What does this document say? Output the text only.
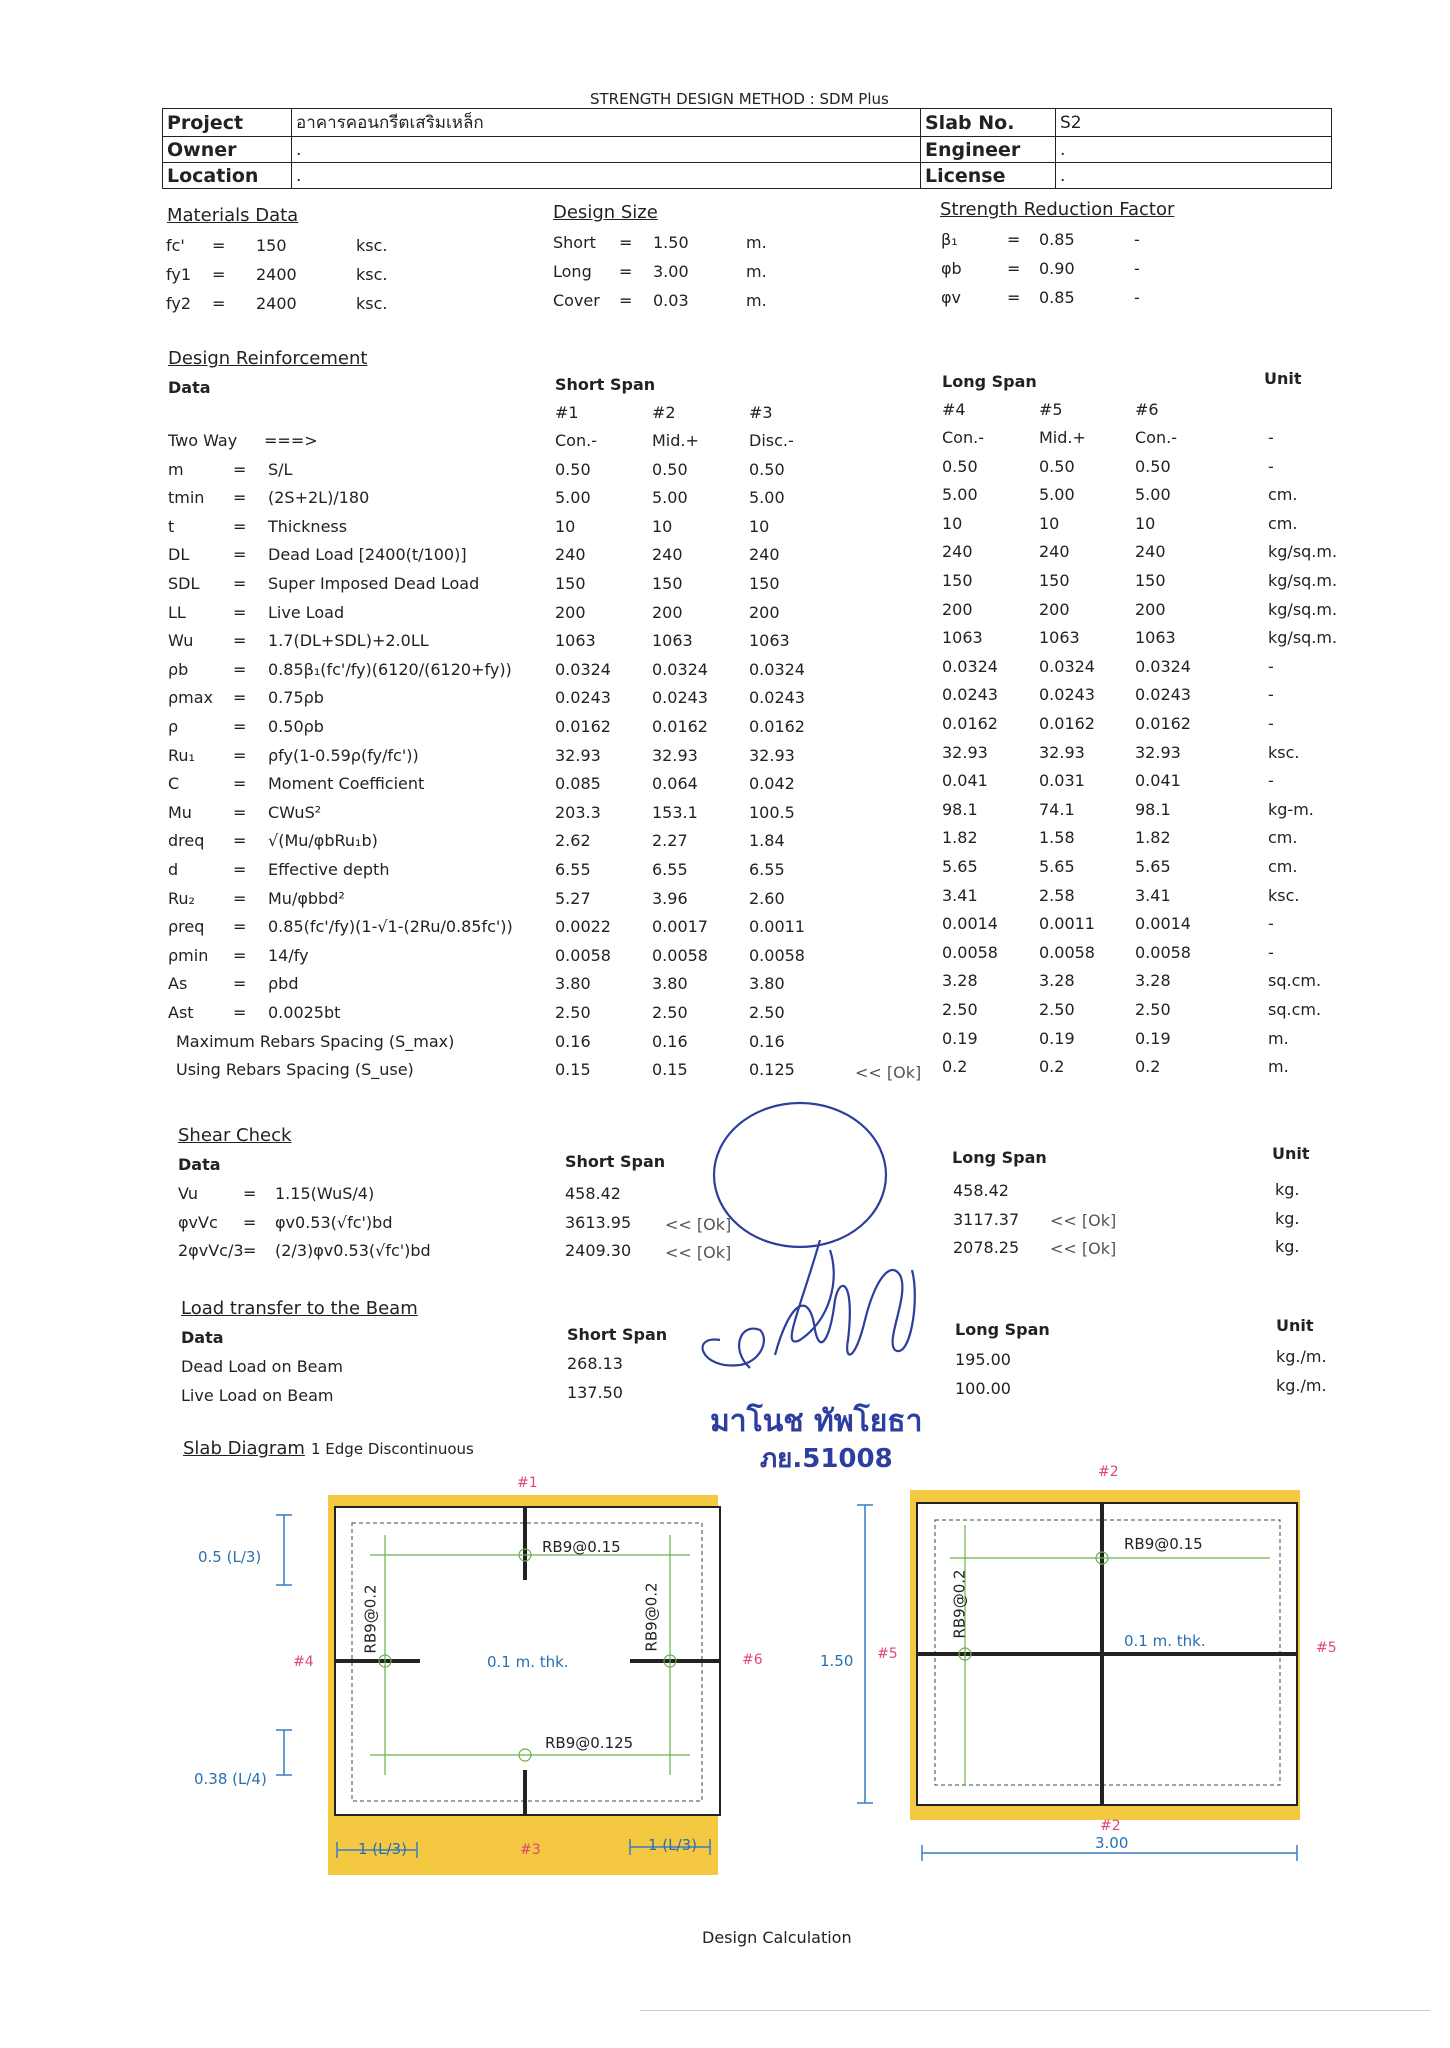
STRENGTH DESIGN METHOD : SDM Plus
Project	อาคารคอนกรีตเสริมเหล็ก	Slab No.	S2
Owner	.	Engineer	.
Location	.	License	.
Materials Data	Design Size	Strength Reduction Factor
fc' = 150	ksc.
fy1 = 2400	ksc.
fy2 = 2400	ksc.
Short = 1.50	m.
Long = 3.00	m.
Cover = 0.03	m.
β₁	= 0.85	-
φb	= 0.90	-
φv	= 0.85	-
Design Reinforcement
Data	Short Span	Long Span	Unit
#1	#2	#3	#4	#5	#6
Two Way ===>	Con.-	Mid.+	Disc.-	Con.-	Mid.+	Con.-	-
m	= S/L	0.50	0.50	0.50	0.50	0.50	0.50	-
tmin = (2S+2L)/180	5.00	5.00	5.00	5.00	5.00	5.00	cm.
t	= Thickness	10	10	10	10	10	10	cm.
DL	= Dead Load [2400(t/100)]	240	240	240	240	240	240	kg/sq.m.
SDL = Super Imposed Dead Load	150	150	150	150	150	150	kg/sq.m.
LL	= Live Load	200	200	200	200	200	200	kg/sq.m.
Wu = 1.7(DL+SDL)+2.0LL	1063	1063	1063	1063	1063	1063	kg/sq.m.
ρb	= 0.85β₁(fc'/fy)(6120/(6120+fy))	0.0324	0.0324	0.0324	0.0324	0.0324	0.0324	-
ρmax = 0.75ρb	0.0243	0.0243	0.0243	0.0243	0.0243	0.0243	-
ρ	= 0.50ρb	0.0162	0.0162	0.0162	0.0162	0.0162	0.0162	-
Ru₁ = ρfy(1-0.59ρ(fy/fc'))	32.93	32.93	32.93	32.93	32.93	32.93	ksc.
C	= Moment Coefficient	0.085	0.064	0.042	0.041	0.031	0.041	-
Mu	= CWuS²	203.3	153.1	100.5	98.1	74.1	98.1	kg-m.
dreq = √(Mu/φbRu₁b)	2.62	2.27	1.84	1.82	1.58	1.82	cm.
d	= Effective depth	6.55	6.55	6.55	5.65	5.65	5.65	cm.
Ru₂ = Mu/φbbd²	5.27	3.96	2.60	3.41	2.58	3.41	ksc.
ρreq = 0.85(fc'/fy)(1-√1-(2Ru/0.85fc'))	0.0022	0.0017	0.0011	0.0014	0.0011	0.0014	-
ρmin = 14/fy	0.0058	0.0058	0.0058	0.0058	0.0058	0.0058	-
As	= ρbd	3.80	3.80	3.80	3.28	3.28	3.28	sq.cm.
Ast = 0.0025bt	2.50	2.50	2.50	2.50	2.50	2.50	sq.cm.
Maximum Rebars Spacing (S_max)	0.16	0.16	0.16	0.19	0.19	0.19	m.
Using Rebars Spacing (S_use)	0.15	0.15	0.125	0.2	0.2	0.2	m.
<< [Ok]
Shear Check
Data	Short Span	Long Span	Unit
Vu	= 1.15(WuS/4)	458.42	458.42	kg.
φvVc = φv0.53(√fc')bd	3613.95 << [Ok]	3117.37 << [Ok]	kg.
2φvVc/3 = (2/3)φv0.53(√fc')bd	2409.30 << [Ok]	2078.25 << [Ok]	kg.
Load transfer to the Beam
Data	Short Span	Long Span	Unit
Dead Load on Beam	268.13	195.00	kg./m.
Live Load on Beam	137.50	100.00	kg./m.
มาโนช ทัพโยธา
ภย.51008
Slab Diagram 1 Edge Discontinuous
#1
#3
#4	#6
RB9@0.15
RB9@0.125
RB9@0.2	RB9@0.2
0.1 m. thk.
0.5 (L/3)
0.38 (L/4)
1 (L/3)	1 (L/3)
#2
#2
#5	#5
RB9@0.15
RB9@0.2
0.1 m. thk.
1.50
3.00
Design Calculation
